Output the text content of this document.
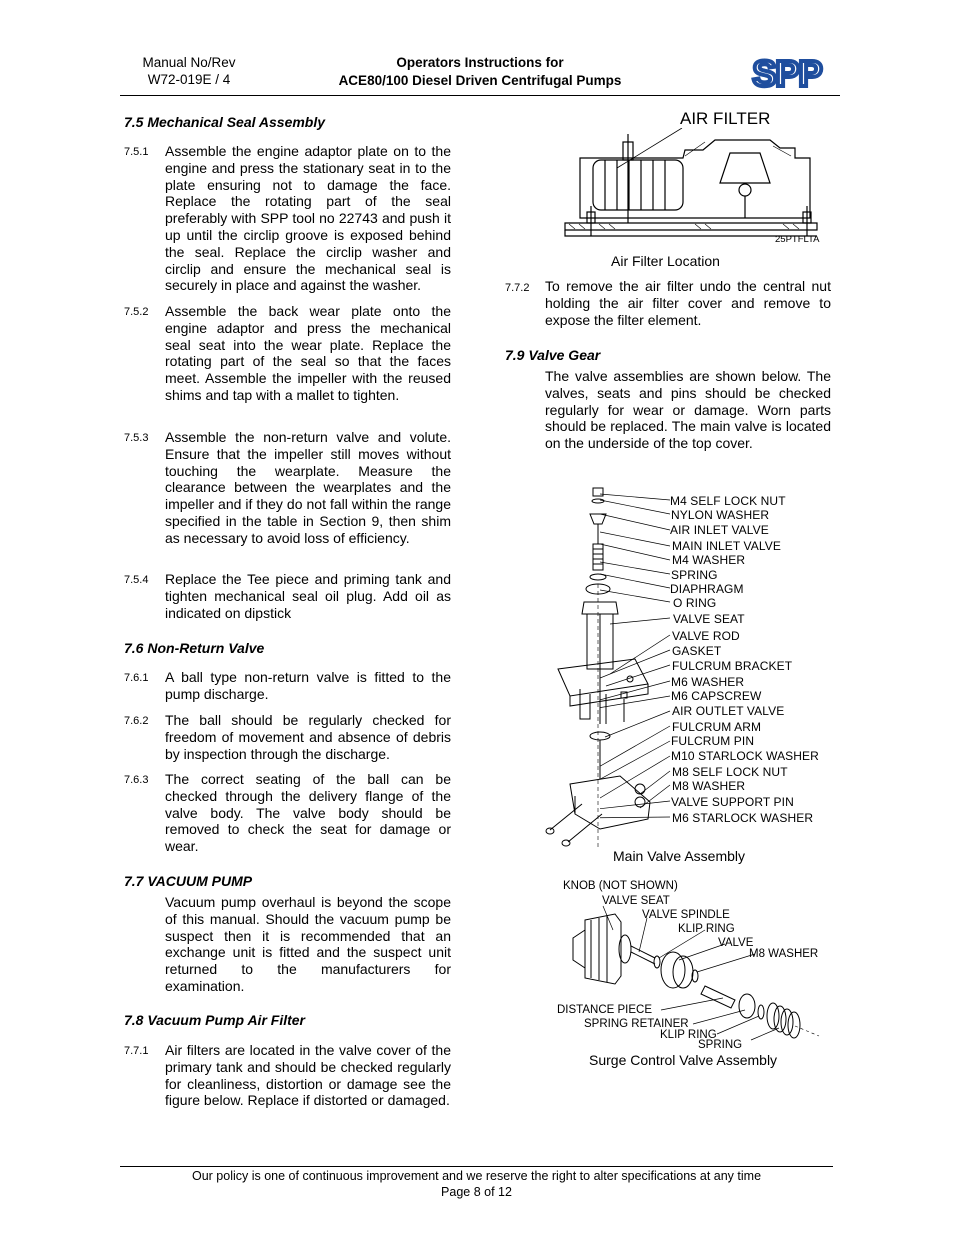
Manual No/Rev
W72-019E / 4
Operators Instructions for
ACE80/100 Diesel Driven Centrifugal Pumps	SPP
7.5 Mechanical Seal Assembly
7.5.1 Assemble the engine adaptor plate on to the engine and press the stationary seat in to the plate ensuring not to damage the face. Replace the rotating part of the seal preferably with SPP tool no 22743 and push it up until the circlip groove is exposed behind the seal. Replace the circlip washer and circlip and ensure the mechanical seal is securely in place and against the washer.
7.5.2 Assemble the back wear plate onto the engine adaptor and press the mechanical seal seat into the wear plate. Replace the rotating part of the seal so that the faces meet. Assemble the impeller with the reused shims and tap with a mallet to tighten.
7.5.3 Assemble the non-return valve and volute. Ensure that the impeller still moves without touching the wearplate. Measure the clearance between the wearplates and the impeller and if they do not fall within the range specified in the table in Section 9, then shim as necessary to avoid loss of efficiency.
7.5.4 Replace the Tee piece and priming tank and tighten mechanical seal oil plug. Add oil as indicated on dipstick
7.6 Non-Return Valve
7.6.1 A ball type non-return valve is fitted to the pump discharge.
7.6.2 The ball should be regularly checked for freedom of movement and absence of debris by inspection through the discharge.
7.6.3 The correct seating of the ball can be checked through the delivery flange of the valve body. The valve body should be removed to check the seat for damage or wear.
7.7 VACUUM PUMP
Vacuum pump overhaul is beyond the scope of this manual. Should the vacuum pump be suspect then it is recommended that an exchange unit is fitted and the suspect unit returned to the manufacturers for examination.
7.8 Vacuum Pump Air Filter
7.7.1 Air filters are located in the valve cover of the primary tank and should be checked regularly for cleanliness, distortion or damage see the figure below. Replace if distorted or damaged.
AIR FILTER
25PTFLTA
Air Filter Location
7.7.2 To remove the air filter undo the central nut holding the air filter cover and remove to expose the filter element.
7.9 Valve Gear
The valve assemblies are shown below. The valves, seats and pins should be checked regularly for wear or damage. Worn parts should be replaced. The main valve is located on the underside of the top cover.
M4 SELF LOCK NUT
NYLON WASHER
AIR INLET VALVE
MAIN INLET VALVE
M4 WASHER
SPRING
DIAPHRAGM
O RING
VALVE SEAT
VALVE ROD
GASKET
FULCRUM BRACKET
M6 WASHER
M6 CAPSCREW
AIR OUTLET VALVE
FULCRUM ARM
FULCRUM PIN
M10 STARLOCK WASHER
M8 SELF LOCK NUT
M8 WASHER
VALVE SUPPORT PIN
M6 STARLOCK WASHER
Main Valve Assembly
KNOB (NOT SHOWN)
VALVE SEAT
VALVE SPINDLE
KLIP RING
VALVE
M8 WASHER
DISTANCE PIECE
SPRING RETAINER
KLIP RING
SPRING
Surge Control Valve Assembly
Our policy is one of continuous improvement and we reserve the right to alter specifications at any time
Page 8 of 12
